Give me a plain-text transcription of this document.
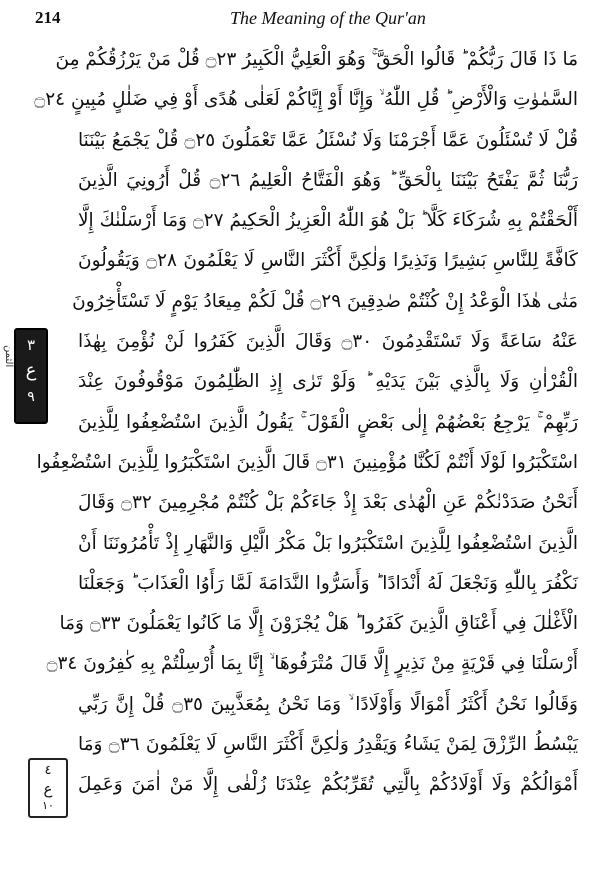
214	The Meaning of the Qur'an
مَا ذَا قَالَ رَبُّكُمْ ؕ قَالُوا الْحَقَّ ۚ وَهُوَ الْعَلِيُّ الْكَبِيرُ ۝٢٣ قُلْ مَنْ يَرْزُقُكُمْ مِنَ
السَّمٰوٰتِ وَالْأَرْضِ ؕ قُلِ اللّٰهُ ۙ وَإِنَّا أَوْ إِيَّاكُمْ لَعَلٰى هُدًى أَوْ فِي ضَلٰلٍ مُبِينٍ ۝٢٤
قُلْ لَا تُسْئَلُونَ عَمَّا أَجْرَمْنَا وَلَا نُسْئَلُ عَمَّا تَعْمَلُونَ ۝٢٥ قُلْ يَجْمَعُ بَيْنَنَا
رَبُّنَا ثُمَّ يَفْتَحُ بَيْنَنَا بِالْحَقِّ ؕ وَهُوَ الْفَتَّاحُ الْعَلِيمُ ۝٢٦ قُلْ أَرُونِيَ الَّذِينَ
أَلْحَقْتُمْ بِهِ شُرَكَاءَ كَلَّا ؕ بَلْ هُوَ اللّٰهُ الْعَزِيزُ الْحَكِيمُ ۝٢٧ وَمَا أَرْسَلْنٰكَ إِلَّا
كَافَّةً لِلنَّاسِ بَشِيرًا وَنَذِيرًا وَلٰكِنَّ أَكْثَرَ النَّاسِ لَا يَعْلَمُونَ ۝٢٨ وَيَقُولُونَ
مَتٰى هٰذَا الْوَعْدُ إِنْ كُنْتُمْ صٰدِقِينَ ۝٢٩ قُلْ لَكُمْ مِيعَادُ يَوْمٍ لَا تَسْتَأْخِرُونَ
عَنْهُ سَاعَةً وَلَا تَسْتَقْدِمُونَ ۝٣٠ وَقَالَ الَّذِينَ كَفَرُوا لَنْ نُؤْمِنَ بِهٰذَا
الْقُرْاٰنِ وَلَا بِالَّذِي بَيْنَ يَدَيْهِ ؕ وَلَوْ تَرٰى إِذِ الظّٰلِمُونَ مَوْقُوفُونَ عِنْدَ
رَبِّهِمْ ۚ يَرْجِعُ بَعْضُهُمْ إِلٰى بَعْضٍ الْقَوْلَ ۚ يَقُولُ الَّذِينَ اسْتُضْعِفُوا لِلَّذِينَ
اسْتَكْبَرُوا لَوْلَا أَنْتُمْ لَكُنَّا مُؤْمِنِينَ ۝٣١ قَالَ الَّذِينَ اسْتَكْبَرُوا لِلَّذِينَ اسْتُضْعِفُوا
أَنَحْنُ صَدَدْنٰكُمْ عَنِ الْهُدٰى بَعْدَ إِذْ جَاءَكُمْ بَلْ كُنْتُمْ مُجْرِمِينَ ۝٣٢ وَقَالَ
الَّذِينَ اسْتُضْعِفُوا لِلَّذِينَ اسْتَكْبَرُوا بَلْ مَكْرُ الَّيْلِ وَالنَّهَارِ إِذْ تَأْمُرُونَنَا أَنْ
نَكْفُرَ بِاللّٰهِ وَنَجْعَلَ لَهُ أَنْدَادًا ؕ وَأَسَرُّوا النَّدَامَةَ لَمَّا رَأَوُا الْعَذَابَ ؕ وَجَعَلْنَا
الْأَغْلٰلَ فِي أَعْنَاقِ الَّذِينَ كَفَرُوا ؕ هَلْ يُجْزَوْنَ إِلَّا مَا كَانُوا يَعْمَلُونَ ۝٣٣ وَمَا
أَرْسَلْنَا فِي قَرْيَةٍ مِنْ نَذِيرٍ إِلَّا قَالَ مُتْرَفُوهَا ۙ إِنَّا بِمَا أُرْسِلْتُمْ بِهِ كٰفِرُونَ ۝٣٤
وَقَالُوا نَحْنُ أَكْثَرُ أَمْوَالًا وَأَوْلَادًا ۙ وَمَا نَحْنُ بِمُعَذَّبِينَ ۝٣٥ قُلْ إِنَّ رَبِّي
يَبْسُطُ الرِّزْقَ لِمَنْ يَشَاءُ وَيَقْدِرُ وَلٰكِنَّ أَكْثَرَ النَّاسِ لَا يَعْلَمُونَ ۝٣٦ وَمَا
أَمْوَالُكُمْ وَلَا أَوْلَادُكُمْ بِالَّتِي تُقَرِّبُكُمْ عِنْدَنَا زُلْفٰى إِلَّا مَنْ اٰمَنَ وَعَمِلَ
الثمن ٣
ع
٩
٤
ع
١٠
